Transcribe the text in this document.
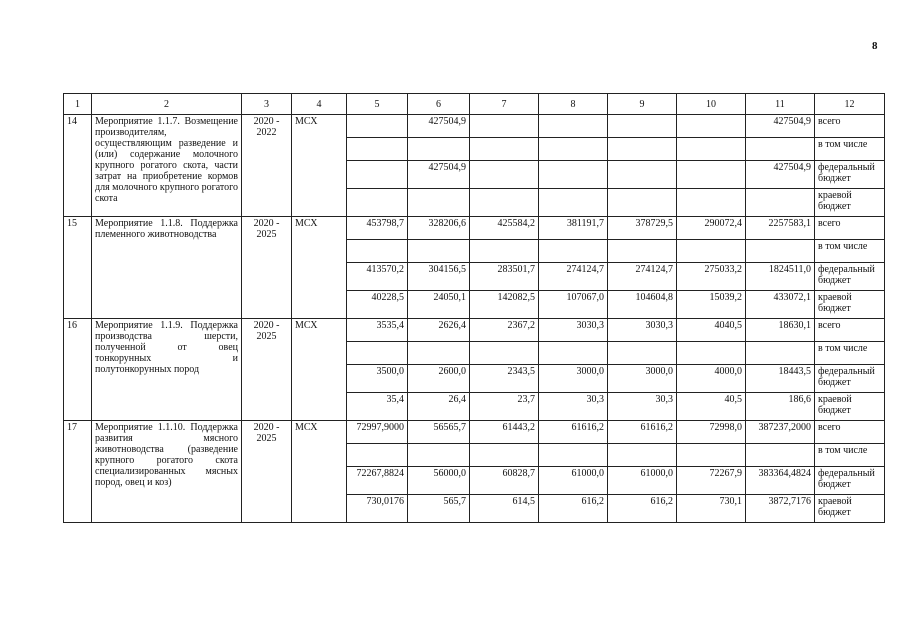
8
1	2	3	4	5	6	7	8	9	10	11	12
14	Мероприятие 1.1.7. Возмещение производителям, осуществляющим разведение и (или) содержание молочного крупного рогатого скота, части затрат на приобретение кормов для молочного крупного рогатого скота	2020 - 2022	МСХ		427504,9					427504,9	всего
											в том числе
					427504,9					427504,9	федеральный бюджет
											краевой бюджет
15	Мероприятие 1.1.8. Поддержка племенного животноводства	2020 - 2025	МСХ	453798,7	328206,6	425584,2	381191,7	378729,5	290072,4	2257583,1	всего
											в том числе
				413570,2	304156,5	283501,7	274124,7	274124,7	275033,2	1824511,0	федеральный бюджет
				40228,5	24050,1	142082,5	107067,0	104604,8	15039,2	433072,1	краевой бюджет
16	Мероприятие 1.1.9. Поддержка производства шерсти, полученной от овец тонкорунных и полутонкорунных пород	2020 - 2025	МСХ	3535,4	2626,4	2367,2	3030,3	3030,3	4040,5	18630,1	всего
											в том числе
				3500,0	2600,0	2343,5	3000,0	3000,0	4000,0	18443,5	федеральный бюджет
				35,4	26,4	23,7	30,3	30,3	40,5	186,6	краевой бюджет
17	Мероприятие 1.1.10. Поддержка развития мясного животноводства (разведение крупного рогатого скота специализированных мясных пород, овец и коз)	2020 - 2025	МСХ	72997,9000	56565,7	61443,2	61616,2	61616,2	72998,0	387237,2000	всего
											в том числе
				72267,8824	56000,0	60828,7	61000,0	61000,0	72267,9	383364,4824	федеральный бюджет
				730,0176	565,7	614,5	616,2	616,2	730,1	3872,7176	краевой бюджет
